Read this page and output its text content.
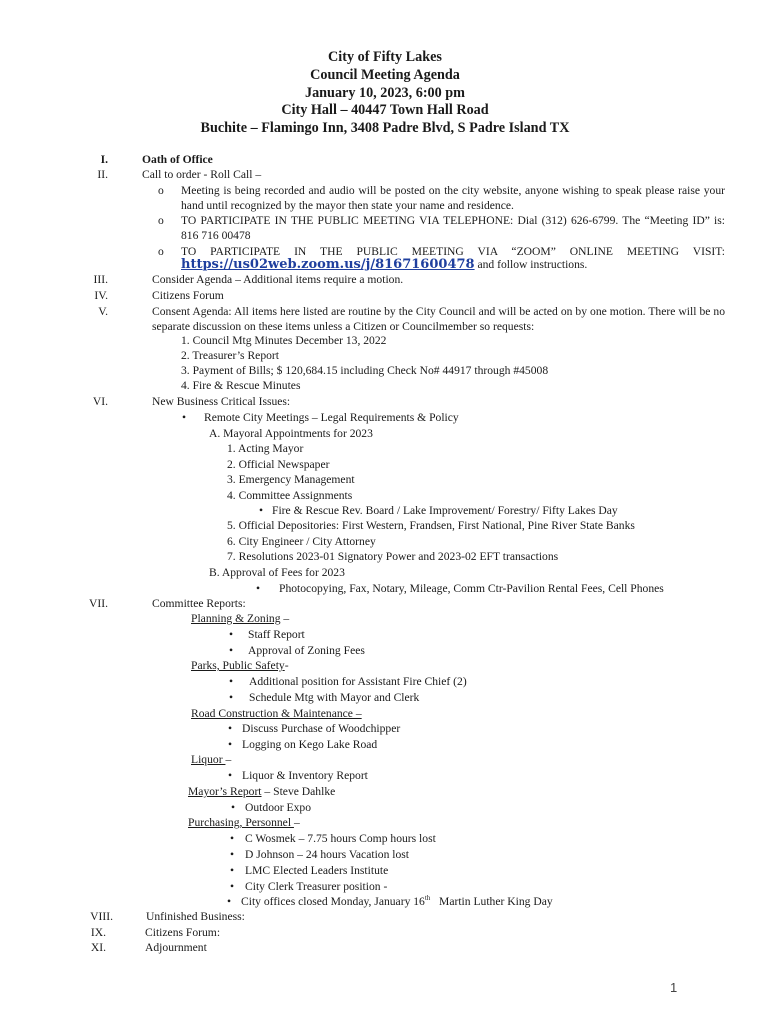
City of Fifty Lakes
Council Meeting Agenda
January 10, 2023, 6:00 pm
City Hall – 40447 Town Hall Road
Buchite – Flamingo Inn, 3408 Padre Blvd, S Padre Island TX
I.	Oath of Office
II.	Call to order - Roll Call –
o Meeting is being recorded and audio will be posted on the city website, anyone wishing to speak please raise your hand until recognized by the mayor then state your name and residence.
o TO PARTICIPATE IN THE PUBLIC MEETING VIA TELEPHONE: Dial (312) 626-6799. The “Meeting ID” is: 816 716 00478
o TO PARTICIPATE IN THE PUBLIC MEETING VIA “ZOOM” ONLINE MEETING VISIT:
https://us02web.zoom.us/j/81671600478 and follow instructions.
III.	Consider Agenda – Additional items require a motion.
IV.	Citizens Forum
V.	Consent Agenda: All items here listed are routine by the City Council and will be acted on by one motion. There will be no separate discussion on these items unless a Citizen or Councilmember so requests:
1. Council Mtg Minutes December 13, 2022
2. Treasurer’s Report
3. Payment of Bills; $ 120,684.15 including Check No# 44917 through #45008
4. Fire & Rescue Minutes
VI.	New Business Critical Issues:
• Remote City Meetings – Legal Requirements & Policy
A. Mayoral Appointments for 2023
1. Acting Mayor
2. Official Newspaper
3. Emergency Management
4. Committee Assignments
• Fire & Rescue Rev. Board / Lake Improvement/ Forestry/ Fifty Lakes Day
5. Official Depositories: First Western, Frandsen, First National, Pine River State Banks
6. City Engineer / City Attorney
7. Resolutions 2023-01 Signatory Power and 2023-02 EFT transactions
B. Approval of Fees for 2023
• Photocopying, Fax, Notary, Mileage, Comm Ctr-Pavilion Rental Fees, Cell Phones
VII.	Committee Reports:
Planning & Zoning –
• Staff Report
• Approval of Zoning Fees
Parks, Public Safety-
• Additional position for Assistant Fire Chief (2)
• Schedule Mtg with Mayor and Clerk
Road Construction & Maintenance –
• Discuss Purchase of Woodchipper
• Logging on Kego Lake Road
Liquor –
• Liquor & Inventory Report
Mayor’s Report – Steve Dahlke
• Outdoor Expo
Purchasing, Personnel –
• C Wosmek – 7.75 hours Comp hours lost
• D Johnson – 24 hours Vacation lost
• LMC Elected Leaders Institute
• City Clerk Treasurer position -
• City offices closed Monday, January 16th   Martin Luther King Day
VIII.	Unfinished Business:
IX.	Citizens Forum:
XI.	Adjournment
1
